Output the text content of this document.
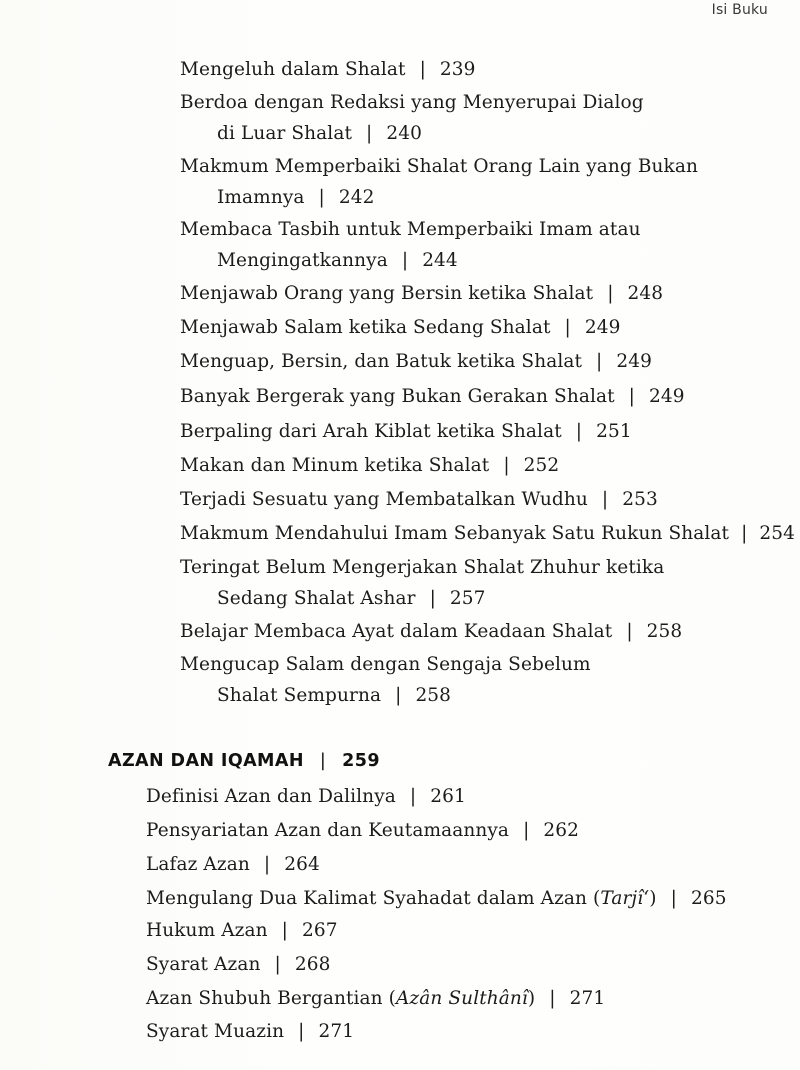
Isi Buku
Mengeluh dalam Shalat | 239
Berdoa dengan Redaksi yang Menyerupai Dialog
di Luar Shalat | 240
Makmum Memperbaiki Shalat Orang Lain yang Bukan
Imamnya | 242
Membaca Tasbih untuk Memperbaiki Imam atau
Mengingatkannya | 244
Menjawab Orang yang Bersin ketika Shalat | 248
Menjawab Salam ketika Sedang Shalat | 249
Menguap, Bersin, dan Batuk ketika Shalat | 249
Banyak Bergerak yang Bukan Gerakan Shalat | 249
Berpaling dari Arah Kiblat ketika Shalat | 251
Makan dan Minum ketika Shalat | 252
Terjadi Sesuatu yang Membatalkan Wudhu | 253
Makmum Mendahului Imam Sebanyak Satu Rukun Shalat | 254
Teringat Belum Mengerjakan Shalat Zhuhur ketika
Sedang Shalat Ashar | 257
Belajar Membaca Ayat dalam Keadaan Shalat | 258
Mengucap Salam dengan Sengaja Sebelum
Shalat Sempurna | 258
AZAN DAN IQAMAH | 259
Definisi Azan dan Dalilnya | 261
Pensyariatan Azan dan Keutamaannya | 262
Lafaz Azan | 264
Mengulang Dua Kalimat Syahadat dalam Azan (Tarjî‘) | 265
Hukum Azan | 267
Syarat Azan | 268
Azan Shubuh Bergantian (Azân Sulthânî) | 271
Syarat Muazin | 271
